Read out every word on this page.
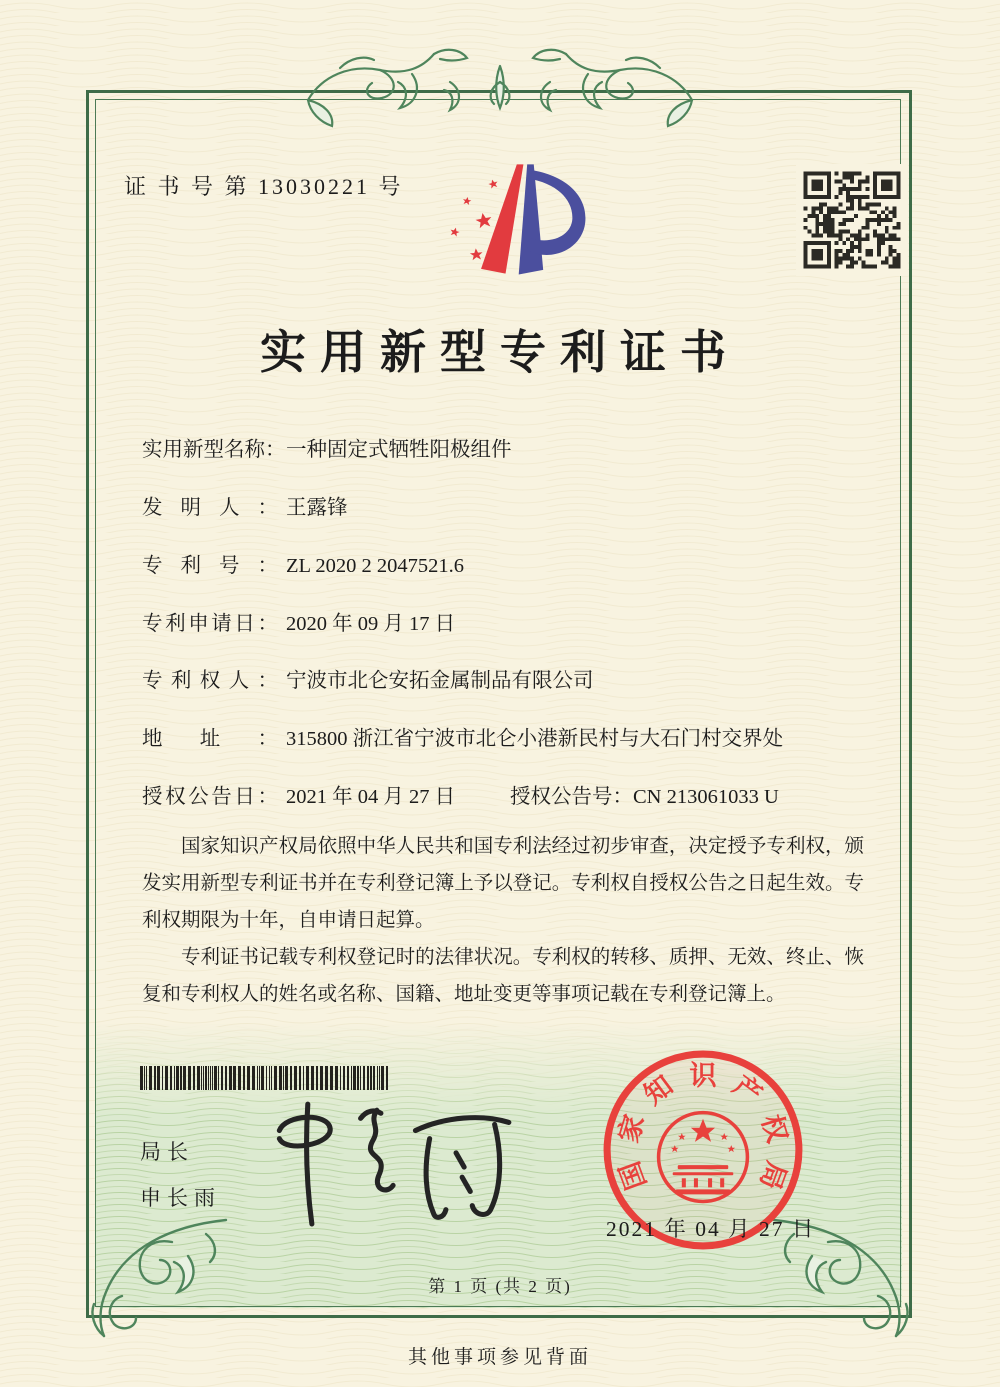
证 书 号 第 13030221 号
实用新型专利证书
实用新型名称：一种固定式牺牲阳极组件
发明人： 王露锋
专利号： ZL 2020 2 2047521.6
专利申请日： 2020 年 09 月 17 日
专利权人： 宁波市北仑安拓金属制品有限公司
地址： 315800 浙江省宁波市北仑小港新民村与大石门村交界处
授权公告日： 2021 年 04 月 27 日	授权公告号：CN 213061033 U

国家知识产权局依照中华人民共和国专利法经过初步审查，决定授予专利权，颁发实用新型专利证书并在专利登记簿上予以登记。专利权自授权公告之日起生效。专利权期限为十年，自申请日起算。

专利证书记载专利权登记时的法律状况。专利权的转移、质押、无效、终止、恢复和专利权人的姓名或名称、国籍、地址变更等事项记载在专利登记簿上。

局长
申长雨
国
家
知 识 产
权
局
2021 年 04 月 27 日
第 1 页 (共 2 页)
其他事项参见背面
